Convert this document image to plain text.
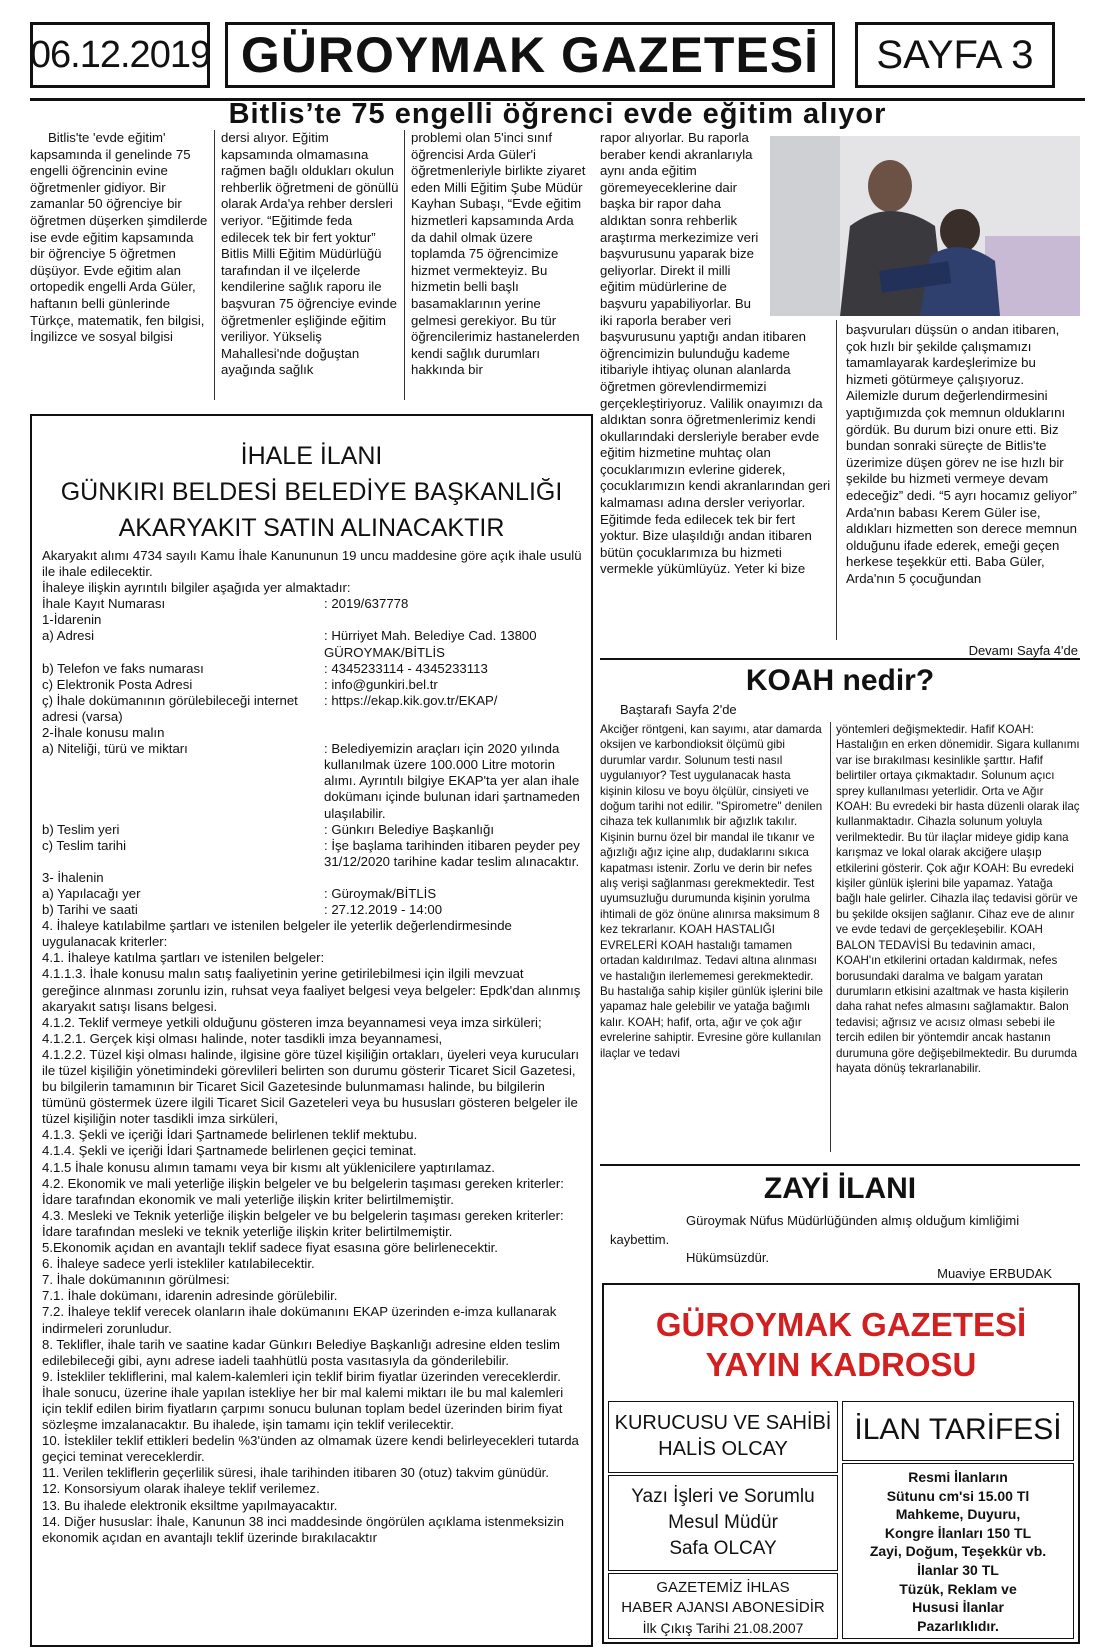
06.12.2019 GÜROYMAK GAZETESİ	SAYFA 3
Bitlis’te 75 engelli öğrenci evde eğitim alıyor
Bitlis'te 'evde eğitim' kapsamında il genelinde 75 engelli öğrencinin evine öğretmenler gidiyor. Bir zamanlar 50 öğrenciye bir öğretmen düşerken şimdilerde ise evde eğitim kapsamında bir öğrenciye 5 öğretmen düşüyor. Evde eğitim alan ortopedik engelli Arda Güler, haftanın belli günlerinde Türkçe, matematik, fen bilgisi, İngilizce ve sosyal bilgisi
dersi alıyor. Eğitim kapsamında olmamasına rağmen bağlı oldukları okulun rehberlik öğretmeni de gönüllü olarak Arda'ya rehber dersleri veriyor. “Eğitimde feda edilecek tek bir fert yoktur” Bitlis Milli Eğitim Müdürlüğü tarafından il ve ilçelerde kendilerine sağlık raporu ile başvuran 75 öğrenciye evinde öğretmenler eşliğinde eğitim veriliyor. Yükseliş Mahallesi'nde doğuştan ayağında sağlık
problemi olan 5'inci sınıf öğrencisi Arda Güler'i öğretmenleriyle birlikte ziyaret eden Milli Eğitim Şube Müdür Kayhan Subaşı, “Evde eğitim hizmetleri kapsamında Arda da dahil olmak üzere toplamda 75 öğrencimize hizmet vermekteyiz. Bu hizmetin belli başlı basamaklarının yerine gelmesi gerekiyor. Bu tür öğrencilerimiz hastanelerden kendi sağlık durumları hakkında bir
rapor alıyorlar. Bu raporla beraber kendi akranlarıyla aynı anda eğitim göremeyeceklerine dair başka bir rapor daha aldıktan sonra rehberlik araştırma merkezimize veri başvurusunu yaparak bize geliyorlar. Direkt il milli eğitim müdürlerine de başvuru yapabiliyorlar. Bu iki raporla beraber veri başvurusunu yaptığı andan itibaren öğrencimizin bulunduğu kademe itibariyle ihtiyaç olunan alanlarda öğretmen görevlendirmemizi gerçekleştiriyoruz. Valilik onayımızı da aldıktan sonra öğretmenlerimiz kendi okullarındaki dersleriyle beraber evde eğitim hizmetine muhtaç olan çocuklarımızın evlerine giderek, çocuklarımızın kendi akranlarından geri kalmaması adına dersler veriyorlar. Eğitimde feda edilecek tek bir fert yoktur. Bize ulaşıldığı andan itibaren bütün çocuklarımıza bu hizmeti vermekle yükümlüyüz. Yeter ki bize
başvuruları düşsün o andan itibaren, çok hızlı bir şekilde çalışmamızı tamamlayarak kardeşlerimize bu hizmeti götürmeye çalışıyoruz. Ailemizle durum değerlendirmesini yaptığımızda çok memnun olduklarını gördük. Bu durum bizi onure etti. Biz bundan sonraki süreçte de Bitlis'te üzerimize düşen görev ne ise hızlı bir şekilde bu hizmeti vermeye devam edeceğiz” dedi. “5 ayrı hocamız geliyor” Arda'nın babası Kerem Güler ise, aldıkları hizmetten son derece memnun olduğunu ifade ederek, emeği geçen herkese teşekkür etti. Baba Güler, Arda'nın 5 çocuğundan
Devamı Sayfa 4'de
İHALE İLANI
GÜNKIRI BELDESİ BELEDİYE BAŞKANLIĞI
AKARYAKIT SATIN ALINACAKTIR
Akaryakıt alımı 4734 sayılı Kamu İhale Kanununun 19 uncu maddesine göre açık ihale usulü ile ihale edilecektir.
İhaleye ilişkin ayrıntılı bilgiler aşağıda yer almaktadır:
İhale Kayıt Numarası	: 2019/637778
1-İdarenin
a) Adresi	: Hürriyet Mah. Belediye Cad. 13800 GÜROYMAK/BİTLİS
b) Telefon ve faks numarası	: 4345233114 - 4345233113
c) Elektronik Posta Adresi	: info@gunkiri.bel.tr
ç) İhale dokümanının görülebileceği internet adresi (varsa)
: https://ekap.kik.gov.tr/EKAP/
2-İhale konusu malın
a) Niteliği, türü ve miktarı	: Belediyemizin araçları için 2020 yılında kullanılmak üzere 100.000 Litre motorin alımı. Ayrıntılı bilgiye EKAP'ta yer alan ihale dokümanı içinde bulunan idari şartnameden ulaşılabilir.
b) Teslim yeri	: Günkırı Belediye Başkanlığı
c) Teslim tarihi	: İşe başlama tarihinden itibaren peyder pey 31/12/2020 tarihine kadar teslim alınacaktır.
3- İhalenin
a) Yapılacağı yer	: Güroymak/BİTLİS
b) Tarihi ve saati	: 27.12.2019 - 14:00
4. İhaleye katılabilme şartları ve istenilen belgeler ile yeterlik değerlendirmesinde uygulanacak kriterler:
4.1. İhaleye katılma şartları ve istenilen belgeler:
4.1.1.3. İhale konusu malın satış faaliyetinin yerine getirilebilmesi için ilgili mevzuat gereğince alınması zorunlu izin, ruhsat veya faaliyet belgesi veya belgeler: Epdk'dan alınmış akaryakıt satışı lisans belgesi.
4.1.2. Teklif vermeye yetkili olduğunu gösteren imza beyannamesi veya imza sirküleri;
4.1.2.1. Gerçek kişi olması halinde, noter tasdikli imza beyannamesi,
4.1.2.2. Tüzel kişi olması halinde, ilgisine göre tüzel kişiliğin ortakları, üyeleri veya kurucuları ile tüzel kişiliğin yönetimindeki görevlileri belirten son durumu gösterir Ticaret Sicil Gazetesi, bu bilgilerin tamamının bir Ticaret Sicil Gazetesinde bulunmaması halinde, bu bilgilerin tümünü göstermek üzere ilgili Ticaret Sicil Gazeteleri veya bu hususları gösteren belgeler ile tüzel kişiliğin noter tasdikli imza sirküleri,
4.1.3. Şekli ve içeriği İdari Şartnamede belirlenen teklif mektubu.
4.1.4. Şekli ve içeriği İdari Şartnamede belirlenen geçici teminat.
4.1.5 İhale konusu alımın tamamı veya bir kısmı alt yüklenicilere yaptırılamaz.
4.2. Ekonomik ve mali yeterliğe ilişkin belgeler ve bu belgelerin taşıması gereken kriterler: İdare tarafından ekonomik ve mali yeterliğe ilişkin kriter belirtilmemiştir.
4.3. Mesleki ve Teknik yeterliğe ilişkin belgeler ve bu belgelerin taşıması gereken kriterler: İdare tarafından mesleki ve teknik yeterliğe ilişkin kriter belirtilmemiştir.
5.Ekonomik açıdan en avantajlı teklif sadece fiyat esasına göre belirlenecektir.
6. İhaleye sadece yerli istekliler katılabilecektir.
7. İhale dokümanının görülmesi:
7.1. İhale dokümanı, idarenin adresinde görülebilir.
7.2. İhaleye teklif verecek olanların ihale dokümanını EKAP üzerinden e-imza kullanarak indirmeleri zorunludur.
8. Teklifler, ihale tarih ve saatine kadar Günkırı Belediye Başkanlığı adresine elden teslim edilebileceği gibi, aynı adrese iadeli taahhütlü posta vasıtasıyla da gönderilebilir.
9. İstekliler tekliflerini, mal kalem-kalemleri için teklif birim fiyatlar üzerinden vereceklerdir. İhale sonucu, üzerine ihale yapılan istekliye her bir mal kalemi miktarı ile bu mal kalemleri için teklif edilen birim fiyatların çarpımı sonucu bulunan toplam bedel üzerinden birim fiyat sözleşme imzalanacaktır. Bu ihalede, işin tamamı için teklif verilecektir.
10. İstekliler teklif ettikleri bedelin %3'ünden az olmamak üzere kendi belirleyecekleri tutarda geçici teminat vereceklerdir.
11. Verilen tekliflerin geçerlilik süresi, ihale tarihinden itibaren 30 (otuz) takvim günüdür.
12. Konsorsiyum olarak ihaleye teklif verilemez.
13. Bu ihalede elektronik eksiltme yapılmayacaktır.
14. Diğer hususlar: İhale, Kanunun 38 inci maddesinde öngörülen açıklama istenmeksizin ekonomik açıdan en avantajlı teklif üzerinde bırakılacaktır
KOAH nedir?
Baştarafı Sayfa 2'de
Akciğer röntgeni, kan sayımı, atar damarda oksijen ve karbondioksit ölçümü gibi durumlar vardır. Solunum testi nasıl uygulanıyor? Test uygulanacak hasta kişinin kilosu ve boyu ölçülür, cinsiyeti ve doğum tarihi not edilir. "Spirometre" denilen cihaza tek kullanımlık bir ağızlık takılır. Kişinin burnu özel bir mandal ile tıkanır ve ağızlığı ağız içine alıp, dudaklarını sıkıca kapatması istenir. Zorlu ve derin bir nefes alış verişi sağlanması gerekmektedir. Test uyumsuzluğu durumunda kişinin yorulma ihtimali de göz önüne alınırsa maksimum 8 kez tekrarlanır. KOAH HASTALIĞI EVRELERİ KOAH hastalığı tamamen ortadan kaldırılmaz. Tedavi altına alınması ve hastalığın ilerlememesi gerekmektedir. Bu hastalığa sahip kişiler günlük işlerini bile yapamaz hale gelebilir ve yatağa bağımlı kalır. KOAH; hafif, orta, ağır ve çok ağır evrelerine sahiptir. Evresine göre kullanılan ilaçlar ve tedavi
yöntemleri değişmektedir. Hafif KOAH: Hastalığın en erken dönemidir. Sigara kullanımı var ise bırakılması kesinlikle şarttır. Hafif belirtiler ortaya çıkmaktadır. Solunum açıcı sprey kullanılması yeterlidir. Orta ve Ağır KOAH: Bu evredeki bir hasta düzenli olarak ilaç kullanmaktadır. Cihazla solunum yoluyla verilmektedir. Bu tür ilaçlar mideye gidip kana karışmaz ve lokal olarak akciğere ulaşıp etkilerini gösterir. Çok ağır KOAH: Bu evredeki kişiler günlük işlerini bile yapamaz. Yatağa bağlı hale gelirler. Cihazla ilaç tedavisi görür ve bu şekilde oksijen sağlanır. Cihaz eve de alınır ve evde tedavi de gerçekleşebilir. KOAH BALON TEDAVİSİ Bu tedavinin amacı, KOAH'ın etkilerini ortadan kaldırmak, nefes borusundaki daralma ve balgam yaratan durumların etkisini azaltmak ve hasta kişilerin daha rahat nefes almasını sağlamaktır. Balon tedavisi; ağrısız ve acısız olması sebebi ile tercih edilen bir yöntemdir ancak hastanın durumuna göre değişebilmektedir. Bu durumda hayata dönüş tekrarlanabilir.
ZAYİ İLANI
Güroymak Nüfus Müdürlüğünden almış olduğum kimliğimi
kaybettim.
Hükümsüzdür.
Muaviye ERBUDAK
GÜROYMAK GAZETESİ
YAYIN KADROSU
KURUCUSU VE SAHİBİ
HALİS OLCAY
Yazı İşleri ve Sorumlu
Mesul Müdür
Safa OLCAY
GAZETEMİZ İHLAS
HABER AJANSI ABONESİDİR
İlk Çıkış Tarihi 21.08.2007
İLAN TARİFESİ
Resmi İlanların
Sütunu cm'si 15.00 Tl
Mahkeme, Duyuru,
Kongre İlanları 150 TL
Zayi, Doğum, Teşekkür vb.
İlanlar 30 TL
Tüzük, Reklam ve
Hususi İlanlar
Pazarlıklıdır.
